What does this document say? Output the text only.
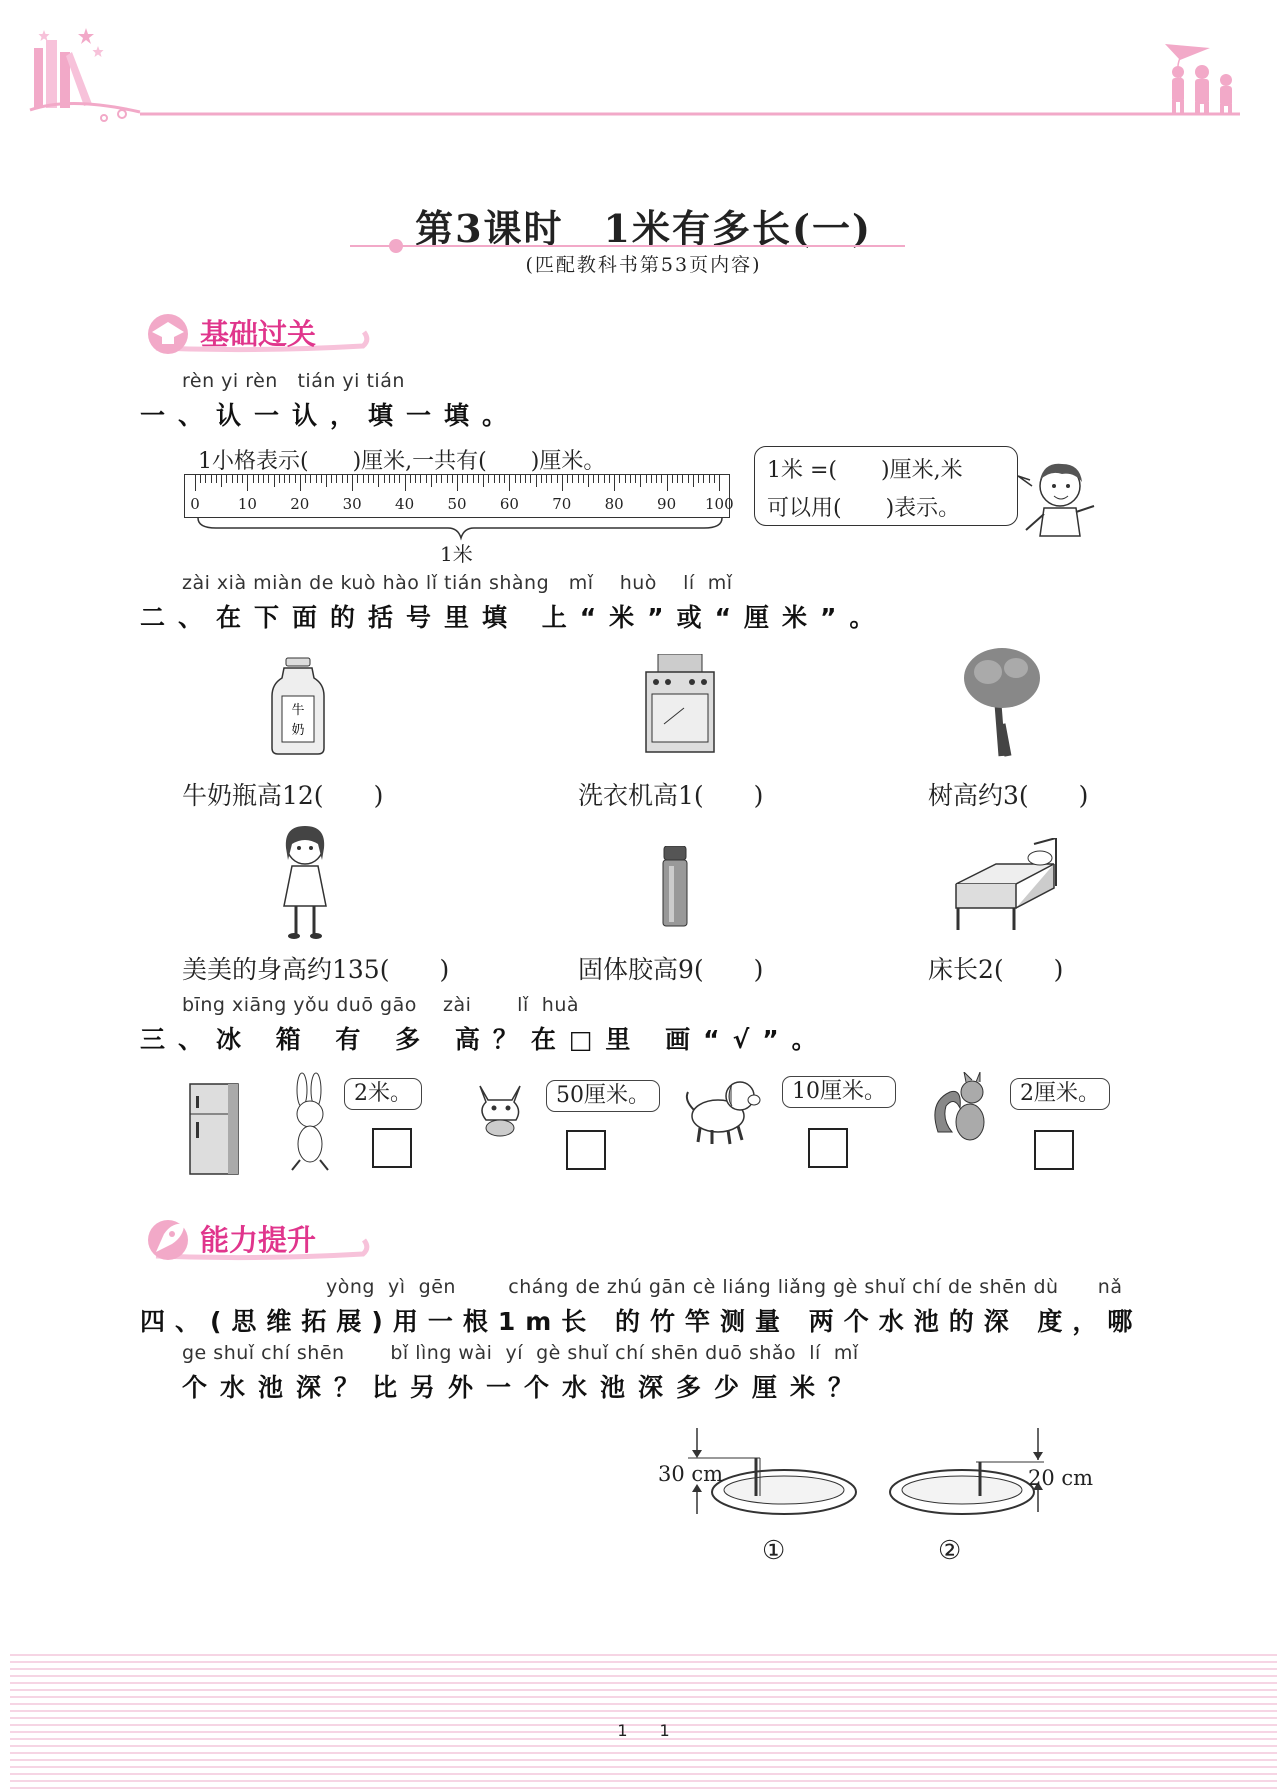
第3课时　1米有多长(一)
(匹配教科书第53页内容)
基础过关
rèn yi rèn   tián yi tián
一、认一认，填一填。
1小格表示(　　)厘米,一共有(　　)厘米。
0	10 20 30 40 50 60 70 80 90 100
1米
1米 =(　　)厘米,米
可以用(　　)表示。
zài xià miàn de kuò hào lǐ tián shàng   mǐ    huò    lí  mǐ
二、在下面的括号里填 上“米”或“厘米”。
牛
奶
牛奶瓶高12(　　)	洗衣机高1(　　)	树高约3(　　)
美美的身高约135(　　)	固体胶高9(　　)	床长2(　　)
bīng xiāng yǒu duō gāo    zài       lǐ  huà
三、冰 箱 有 多 高？在□里 画“√”。
2米。	50厘米。	10厘米。	2厘米。
能力提升
yòng  yì  gēn        cháng de zhú gān cè liáng liǎng gè shuǐ chí de shēn dù      nǎ
四、(思维拓展)用一根1m长 的竹竿测量 两个水池的深 度，哪
ge shuǐ chí shēn       bǐ lìng wài  yí  gè shuǐ chí shēn duō shǎo  lí  mǐ
个水池深？比另外一个水池深多少厘米？
30 cm	20 cm
①	②
1　　1
